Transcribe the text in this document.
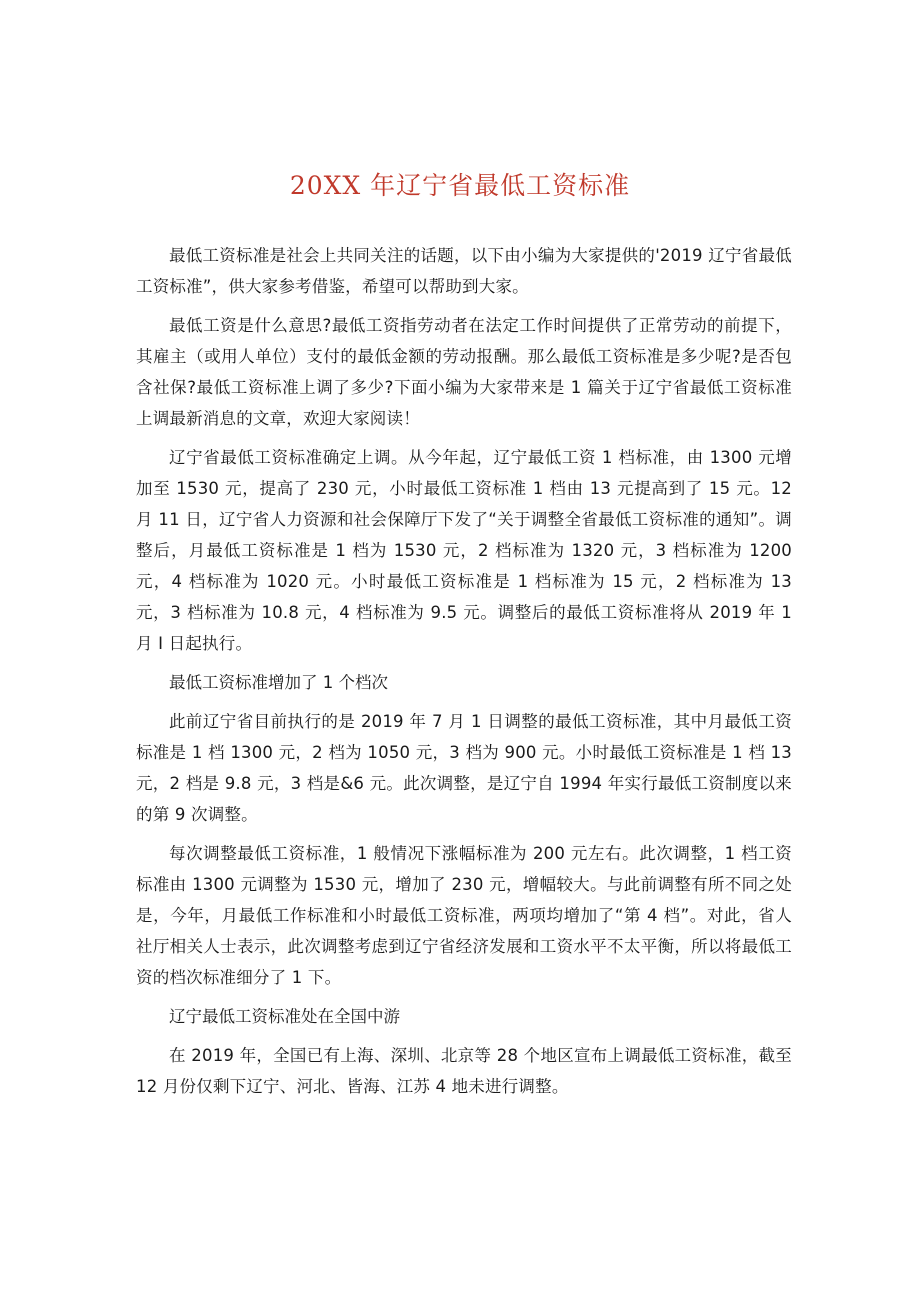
20XX 年辽宁省最低工资标准

最低工资标准是社会上共同关注的话题，以下由小编为大家提供的'2019 辽宁省最低工资标准”，供大家参考借鉴，希望可以帮助到大家。

最低工资是什么意思?最低工资指劳动者在法定工作时间提供了正常劳动的前提下，其雇主（或用人单位）支付的最低金额的劳动报酬。那么最低工资标准是多少呢?是否包含社保?最低工资标准上调了多少?下面小编为大家带来是 1 篇关于辽宁省最低工资标准上调最新消息的文章，欢迎大家阅读！

辽宁省最低工资标准确定上调。从今年起，辽宁最低工资 1 档标准，由 1300 元增加至 1530 元，提高了 230 元，小时最低工资标准 1 档由 13 元提高到了 15 元。12 月 11 日，辽宁省人力资源和社会保障厅下发了“关于调整全省最低工资标准的通知”。调整后，月最低工资标准是 1 档为 1530 元，2 档标准为 1320 元，3 档标准为 1200 元，4 档标准为 1020 元。小时最低工资标准是 1 档标准为 15 元，2 档标准为 13 元，3 档标准为 10.8 元，4 档标准为 9.5 元。调整后的最低工资标准将从 2019 年 1 月 I 日起执行。

最低工资标准增加了 1 个档次

此前辽宁省目前执行的是 2019 年 7 月 1 日调整的最低工资标准，其中月最低工资标准是 1 档 1300 元，2 档为 1050 元，3 档为 900 元。小时最低工资标准是 1 档 13 元，2 档是 9.8 元，3 档是&6 元。此次调整，是辽宁自 1994 年实行最低工资制度以来的第 9 次调整。

每次调整最低工资标准，1 般情况下涨幅标准为 200 元左右。此次调整，1 档工资标准由 1300 元调整为 1530 元，增加了 230 元，增幅较大。与此前调整有所不同之处是，今年，月最低工作标准和小时最低工资标准，两项均增加了“第 4 档”。对此，省人社厅相关人士表示，此次调整考虑到辽宁省经济发展和工资水平不太平衡，所以将最低工资的档次标准细分了 1 下。

辽宁最低工资标准处在全国中游

在 2019 年，全国已有上海、深圳、北京等 28 个地区宣布上调最低工资标准，截至 12 月份仅剩下辽宁、河北、皆海、江苏 4 地未进行调整。
